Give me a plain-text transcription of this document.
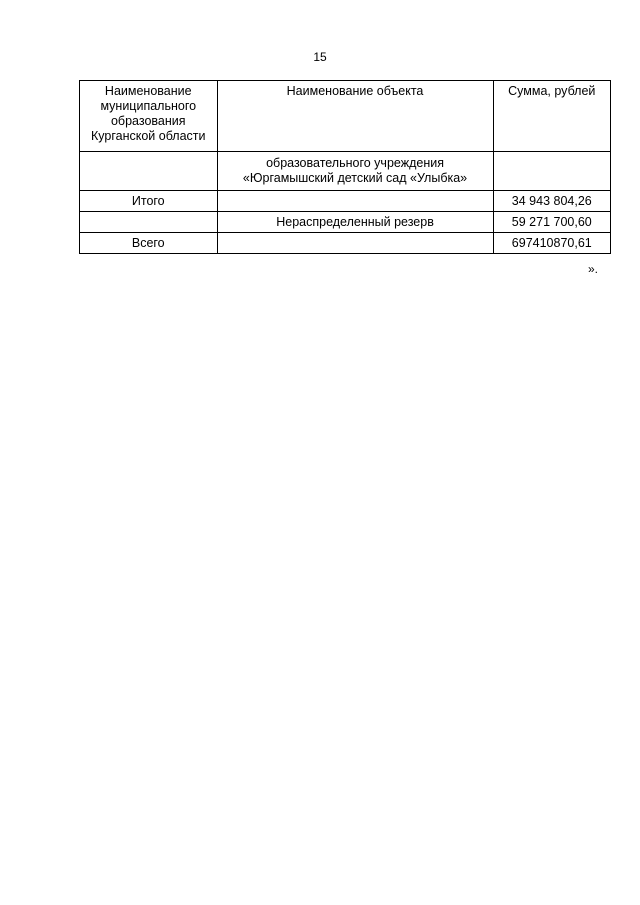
15
Наименование муниципального образования Курганской области	Наименование объекта	Сумма, рублей

	образовательного учреждения
«Юргамышский детский сад «Улыбка»	

Итого		34 943 804,26
	Нераспределенный резерв	59 271 700,60
Всего		697410870,61
».
